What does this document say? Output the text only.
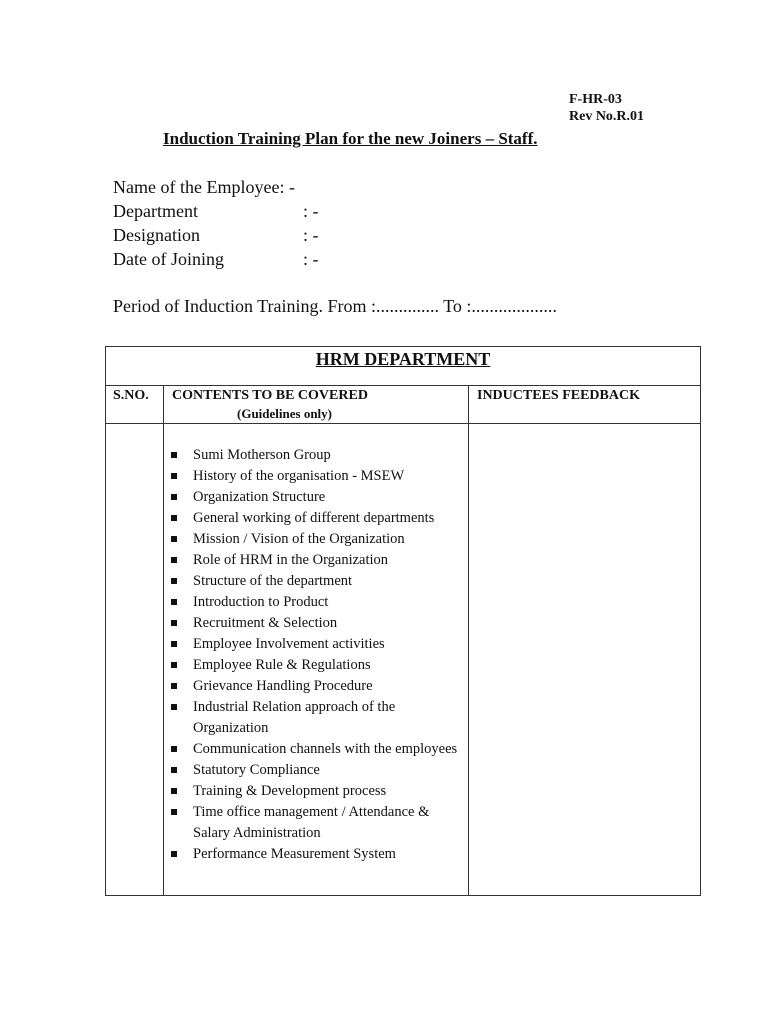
F-HR-03
Rev No.R.01
Induction Training Plan for the new Joiners – Staff.
Name of the Employee: -
Department	: -
Designation	: -
Date of Joining	: -
Period of Induction Training. From :.............. To :...................
HRM DEPARTMENT
S.NO. CONTENTS TO BE COVERED
(Guidelines only)
INDUCTEES FEEDBACK
Sumi Motherson Group
History of the organisation - MSEW
Organization Structure
General working of different departments
Mission / Vision of the Organization
Role of HRM in the Organization
Structure of the department
Introduction to Product
Recruitment & Selection
Employee Involvement activities
Employee Rule & Regulations
Grievance Handling Procedure
Industrial Relation approach of the Organization
Communication channels with the employees
Statutory Compliance
Training & Development process
Time office management / Attendance & Salary Administration
Performance Measurement System
